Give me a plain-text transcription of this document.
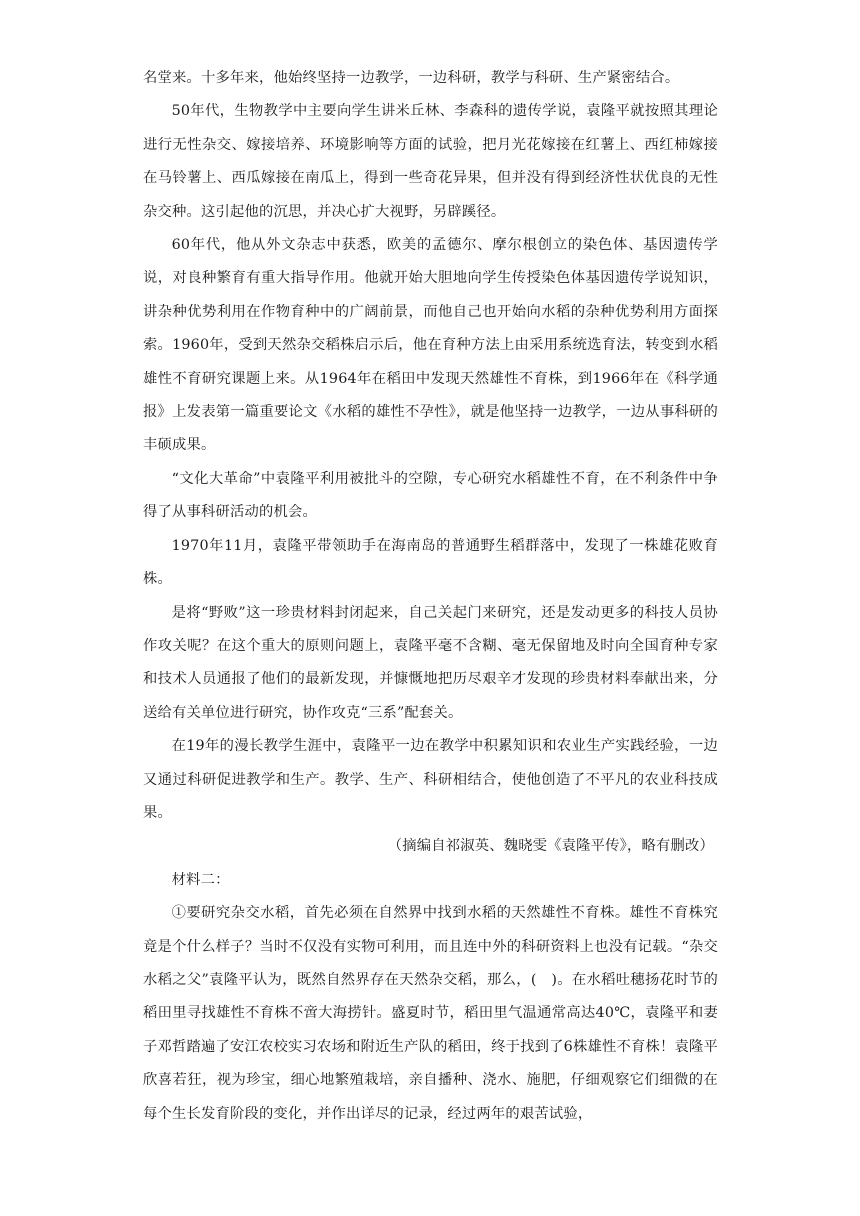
名堂来。十多年来，他始终坚持一边教学，一边科研，教学与科研、生产紧密结合。

50年代，生物教学中主要向学生讲米丘林、李森科的遗传学说，袁隆平就按照其理论进行无性杂交、嫁接培养、环境影响等方面的试验，把月光花嫁接在红薯上、西红柿嫁接在马铃薯上、西瓜嫁接在南瓜上，得到一些奇花异果，但并没有得到经济性状优良的无性杂交种。这引起他的沉思，并决心扩大视野，另辟蹊径。

60年代，他从外文杂志中获悉，欧美的孟德尔、摩尔根创立的染色体、基因遗传学说，对良种繁育有重大指导作用。他就开始大胆地向学生传授染色体基因遗传学说知识，讲杂种优势利用在作物育种中的广阔前景，而他自己也开始向水稻的杂种优势利用方面探索。1960年，受到天然杂交稻株启示后，他在育种方法上由采用系统选育法，转变到水稻雄性不育研究课题上来。从1964年在稻田中发现天然雄性不育株，到1966年在《科学通报》上发表第一篇重要论文《水稻的雄性不孕性》，就是他坚持一边教学，一边从事科研的丰硕成果。

“文化大革命”中袁隆平利用被批斗的空隙，专心研究水稻雄性不育，在不利条件中争得了从事科研活动的机会。

1970年11月，袁隆平带领助手在海南岛的普通野生稻群落中，发现了一株雄花败育株。

是将“野败”这一珍贵材料封闭起来，自己关起门来研究，还是发动更多的科技人员协作攻关呢？在这个重大的原则问题上，袁隆平毫不含糊、毫无保留地及时向全国育种专家和技术人员通报了他们的最新发现，并慷慨地把历尽艰辛才发现的珍贵材料奉献出来，分送给有关单位进行研究，协作攻克“三系”配套关。

在19年的漫长教学生涯中，袁隆平一边在教学中积累知识和农业生产实践经验，一边又通过科研促进教学和生产。教学、生产、科研相结合，使他创造了不平凡的农业科技成果。

（摘编自祁淑英、魏晓雯《袁隆平传》，略有删改）

材料二：

①要研究杂交水稻，首先必须在自然界中找到水稻的天然雄性不育株。雄性不育株究竟是个什么样子？当时不仅没有实物可利用，而且连中外的科研资料上也没有记载。“杂交水稻之父”袁隆平认为，既然自然界存在天然杂交稻，那么，(　)。在水稻吐穗扬花时节的稻田里寻找雄性不育株不啻大海捞针。盛夏时节，稻田里气温通常高达40℃，袁隆平和妻子邓哲踏遍了安江农校实习农场和附近生产队的稻田，终于找到了6株雄性不育株！袁隆平欣喜若狂，视为珍宝，细心地繁殖栽培，亲自播种、浇水、施肥，仔细观察它们细微的在每个生长发育阶段的变化，并作出详尽的记录，经过两年的艰苦试验，
